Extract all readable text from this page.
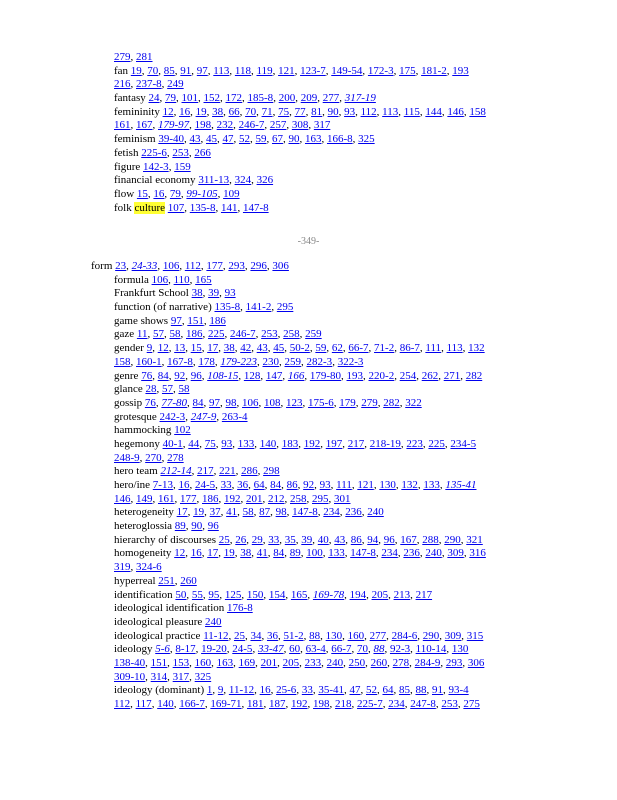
279, 281
fan 19, 70, 85, 91, 97, 113, 118, 119, 121, 123-7, 149-54, 172-3, 175, 181-2, 193
216, 237-8, 249
fantasy 24, 79, 101, 152, 172, 185-8, 200, 209, 277, 317-19
femininity 12, 16, 19, 38, 66, 70, 71, 75, 77, 81, 90, 93, 112, 113, 115, 144, 146, 158
161, 167, 179-97, 198, 232, 246-7, 257, 308, 317
feminism 39-40, 43, 45, 47, 52, 59, 67, 90, 163, 166-8, 325
fetish 225-6, 253, 266
figure 142-3, 159
financial economy 311-13, 324, 326
flow 15, 16, 79, 99-105, 109
folk culture 107, 135-8, 141, 147-8
-349-
form 23, 24-33, 106, 112, 177, 293, 296, 306
formula 106, 110, 165
Frankfurt School 38, 39, 93
function (of narrative) 135-8, 141-2, 295
game shows 97, 151, 186
gaze 11, 57, 58, 186, 225, 246-7, 253, 258, 259
gender 9, 12, 13, 15, 17, 38, 42, 43, 45, 50-2, 59, 62, 66-7, 71-2, 86-7, 111, 113, 132
158, 160-1, 167-8, 178, 179-223, 230, 259, 282-3, 322-3
genre 76, 84, 92, 96, 108-15, 128, 147, 166, 179-80, 193, 220-2, 254, 262, 271, 282
glance 28, 57, 58
gossip 76, 77-80, 84, 97, 98, 106, 108, 123, 175-6, 179, 279, 282, 322
grotesque 242-3, 247-9, 263-4
hammocking 102
hegemony 40-1, 44, 75, 93, 133, 140, 183, 192, 197, 217, 218-19, 223, 225, 234-5
248-9, 270, 278
hero team 212-14, 217, 221, 286, 298
hero/ine 7-13, 16, 24-5, 33, 36, 64, 84, 86, 92, 93, 111, 121, 130, 132, 133, 135-41
146, 149, 161, 177, 186, 192, 201, 212, 258, 295, 301
heterogeneity 17, 19, 37, 41, 58, 87, 98, 147-8, 234, 236, 240
heteroglossia 89, 90, 96
hierarchy of discourses 25, 26, 29, 33, 35, 39, 40, 43, 86, 94, 96, 167, 288, 290, 321
homogeneity 12, 16, 17, 19, 38, 41, 84, 89, 100, 133, 147-8, 234, 236, 240, 309, 316
319, 324-6
hyperreal 251, 260
identification 50, 55, 95, 125, 150, 154, 165, 169-78, 194, 205, 213, 217
ideological identification 176-8
ideological pleasure 240
ideological practice 11-12, 25, 34, 36, 51-2, 88, 130, 160, 277, 284-6, 290, 309, 315
ideology 5-6, 8-17, 19-20, 24-5, 33-47, 60, 63-4, 66-7, 70, 88, 92-3, 110-14, 130
138-40, 151, 153, 160, 163, 169, 201, 205, 233, 240, 250, 260, 278, 284-9, 293, 306
309-10, 314, 317, 325
ideology (dominant) 1, 9, 11-12, 16, 25-6, 33, 35-41, 47, 52, 64, 85, 88, 91, 93-4
112, 117, 140, 166-7, 169-71, 181, 187, 192, 198, 218, 225-7, 234, 247-8, 253, 275
